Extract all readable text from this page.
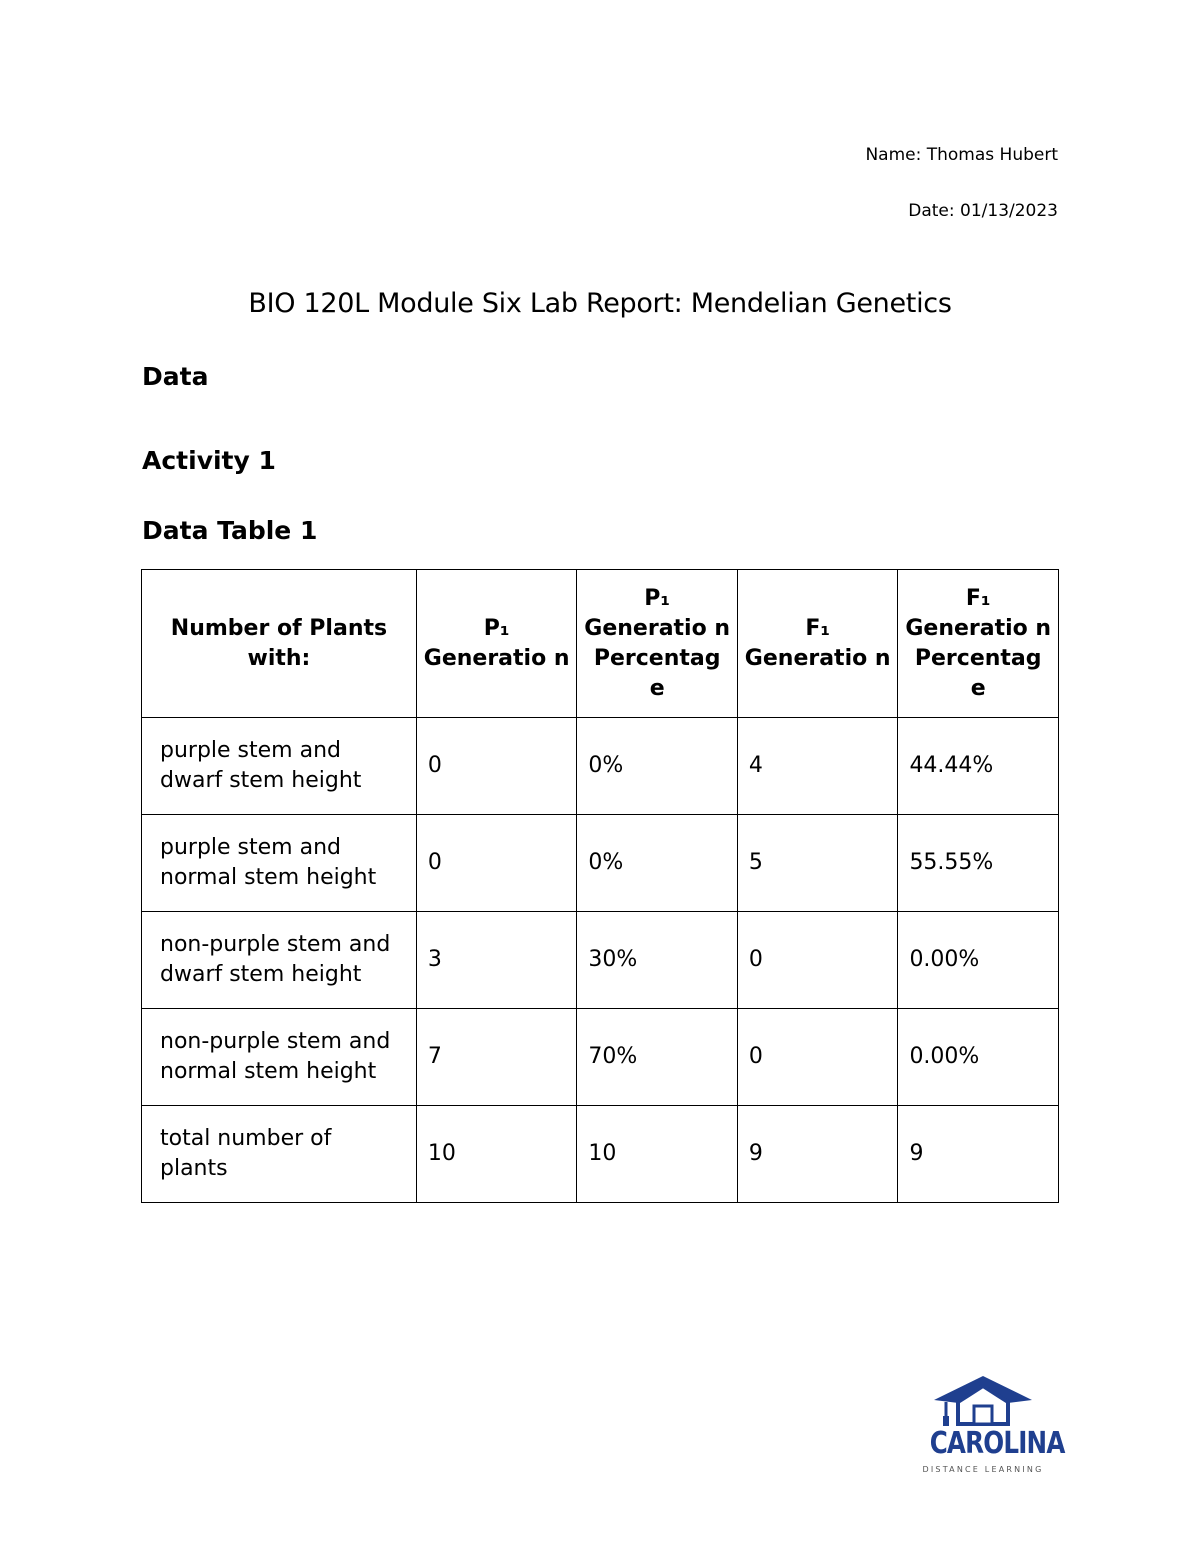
Name: Thomas Hubert
Date: 01/13/2023
BIO 120L Module Six Lab Report: Mendelian Genetics
Data
Activity 1
Data Table 1
Number of Plants with:	P₁ Generatio n	P₁ Generatio n Percentag e	F₁ Generatio n	F₁ Generatio n Percentag e
purple stem and dwarf stem height	0	0%	4	44.44%
purple stem and normal stem height	0	0%	5	55.55%
non-purple stem and dwarf stem height	3	30%	0	0.00%
non-purple stem and normal stem height	7	70%	0	0.00%
total number of plants	10	10	9	9
CAROLINA
DISTANCE LEARNING
